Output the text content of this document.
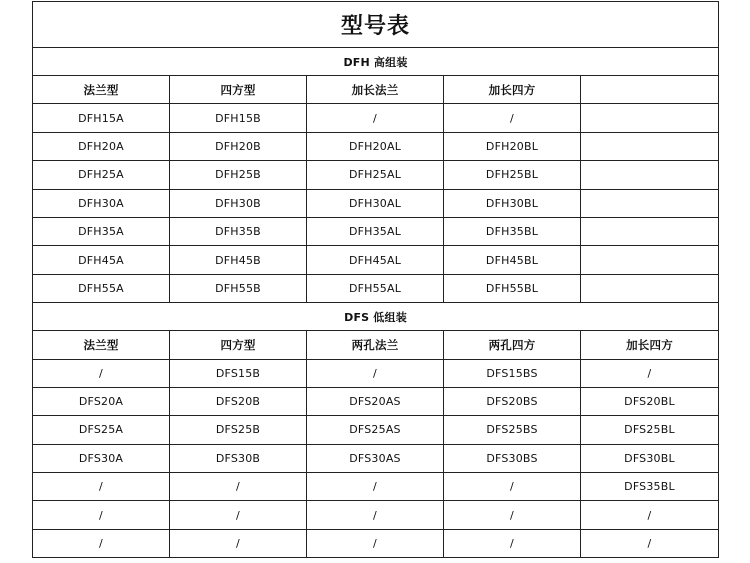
型号表				
DFH 高组装				
法兰型	四方型	加长法兰	加长四方	
DFH15A	DFH15B	/	/	
DFH20A	DFH20B	DFH20AL	DFH20BL	
DFH25A	DFH25B	DFH25AL	DFH25BL	
DFH30A	DFH30B	DFH30AL	DFH30BL	
DFH35A	DFH35B	DFH35AL	DFH35BL	
DFH45A	DFH45B	DFH45AL	DFH45BL	
DFH55A	DFH55B	DFH55AL	DFH55BL	
DFS 低组装				
法兰型	四方型	两孔法兰	两孔四方	加长四方
/	DFS15B	/	DFS15BS	/
DFS20A	DFS20B	DFS20AS	DFS20BS	DFS20BL
DFS25A	DFS25B	DFS25AS	DFS25BS	DFS25BL
DFS30A	DFS30B	DFS30AS	DFS30BS	DFS30BL
/	/	/	/	DFS35BL
/	/	/	/	/
/	/	/	/	/
